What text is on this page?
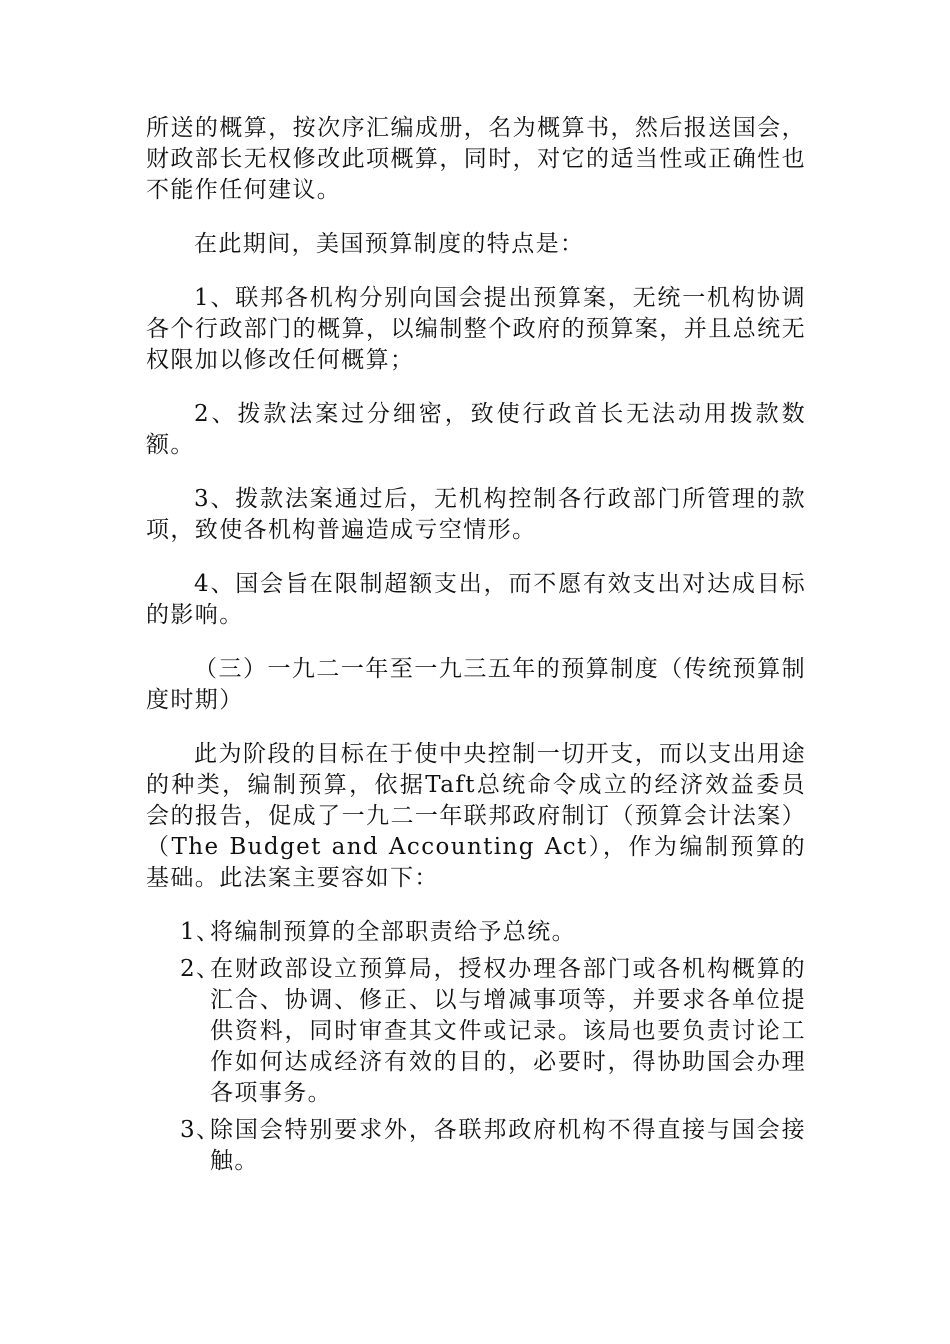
所送的概算，按次序汇编成册，名为概算书，然后报送国会，财政部长无权修改此项概算，同时，对它的适当性或正确性也不能作任何建议。

在此期间，美国预算制度的特点是：

1、联邦各机构分别向国会提出预算案，无统一机构协调各个行政部门的概算，以编制整个政府的预算案，并且总统无权限加以修改任何概算；

2、拨款法案过分细密，致使行政首长无法动用拨款数额。

3、拨款法案通过后，无机构控制各行政部门所管理的款项，致使各机构普遍造成亏空情形。

4、国会旨在限制超额支出，而不愿有效支出对达成目标的影响。

（三）一九二一年至一九三五年的预算制度（传统预算制度时期）

此为阶段的目标在于使中央控制一切开支，而以支出用途的种类，编制预算，依据Taft总统命令成立的经济效益委员会的报告，促成了一九二一年联邦政府制订（预算会计法案）（The Budget and Accounting Act），作为编制预算的基础。此法案主要容如下：

1、
将编制预算的全部职责给予总统。
2、
在财政部设立预算局，授权办理各部门或各机构概算的汇合、协调、修正、以与增减事项等，并要求各单位提供资料，同时审查其文件或记录。该局也要负责讨论工作如何达成经济有效的目的，必要时，得协助国会办理各项事务。
3、
除国会特别要求外，各联邦政府机构不得直接与国会接触。
